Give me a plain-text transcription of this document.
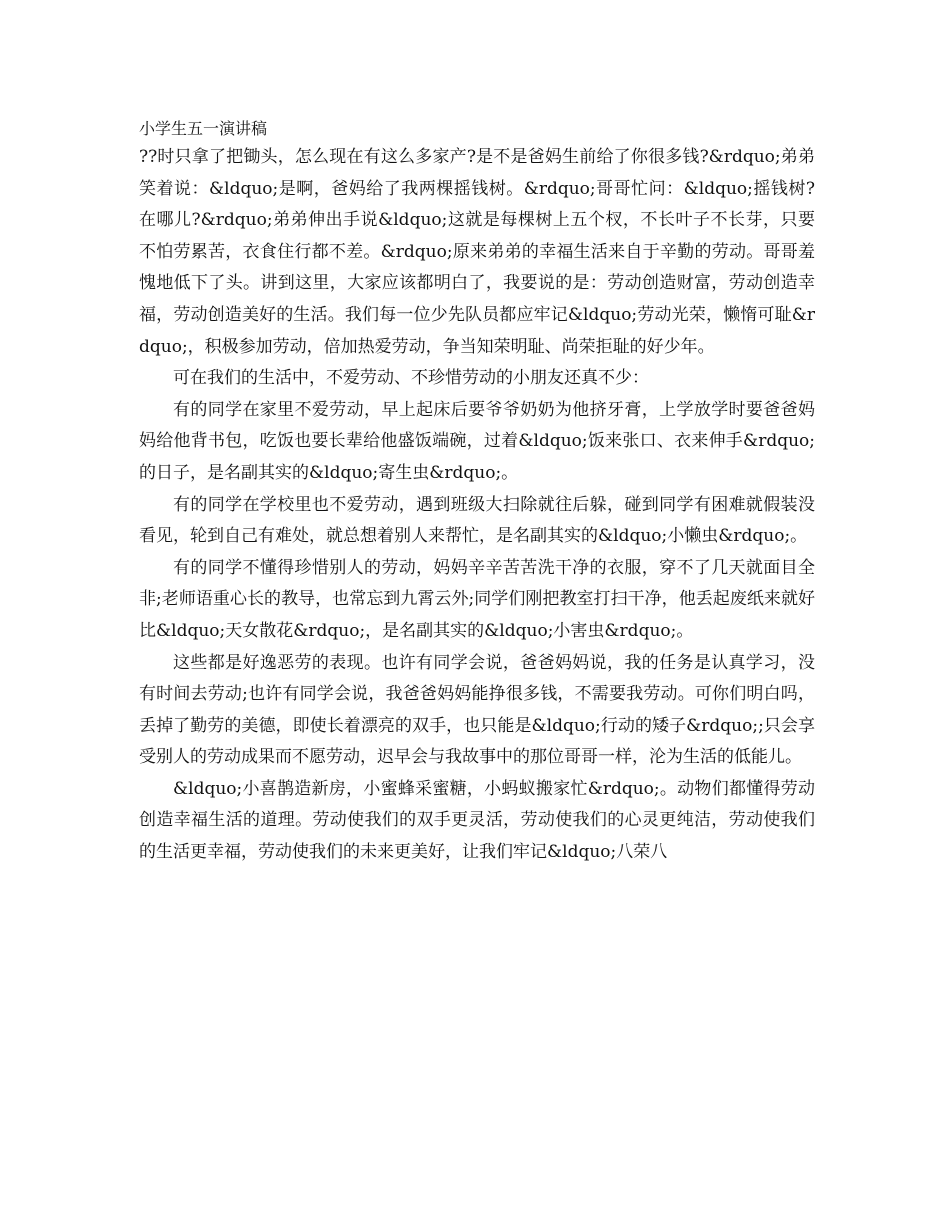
小学生五一演讲稿

??时只拿了把锄头，怎么现在有这么多家产?是不是爸妈生前给了你很多钱?&rdquo;弟弟笑着说：&ldquo;是啊，爸妈给了我两棵摇钱树。&rdquo;哥哥忙问：&ldquo;摇钱树?在哪儿?&rdquo;弟弟伸出手说&ldquo;这就是每棵树上五个杈，不长叶子不长芽，只要不怕劳累苦，衣食住行都不差。&rdquo;原来弟弟的幸福生活来自于辛勤的劳动。哥哥羞愧地低下了头。讲到这里，大家应该都明白了，我要说的是：劳动创造财富，劳动创造幸福，劳动创造美好的生活。我们每一位少先队员都应牢记&ldquo;劳动光荣，懒惰可耻&rdquo;，积极参加劳动，倍加热爱劳动，争当知荣明耻、尚荣拒耻的好少年。

可在我们的生活中，不爱劳动、不珍惜劳动的小朋友还真不少：

有的同学在家里不爱劳动，早上起床后要爷爷奶奶为他挤牙膏，上学放学时要爸爸妈妈给他背书包，吃饭也要长辈给他盛饭端碗，过着&ldquo;饭来张口、衣来伸手&rdquo;的日子，是名副其实的&ldquo;寄生虫&rdquo;。

有的同学在学校里也不爱劳动，遇到班级大扫除就往后躲，碰到同学有困难就假装没看见，轮到自己有难处，就总想着别人来帮忙，是名副其实的&ldquo;小懒虫&rdquo;。

有的同学不懂得珍惜别人的劳动，妈妈辛辛苦苦洗干净的衣服，穿不了几天就面目全非;老师语重心长的教导，也常忘到九霄云外;同学们刚把教室打扫干净，他丢起废纸来就好比&ldquo;天女散花&rdquo;，是名副其实的&ldquo;小害虫&rdquo;。

这些都是好逸恶劳的表现。也许有同学会说，爸爸妈妈说，我的任务是认真学习，没有时间去劳动;也许有同学会说，我爸爸妈妈能挣很多钱，不需要我劳动。可你们明白吗，丢掉了勤劳的美德，即使长着漂亮的双手，也只能是&ldquo;行动的矮子&rdquo;;只会享受别人的劳动成果而不愿劳动，迟早会与我故事中的那位哥哥一样，沦为生活的低能儿。

&ldquo;小喜鹊造新房，小蜜蜂采蜜糖，小蚂蚁搬家忙&rdquo;。动物们都懂得劳动创造幸福生活的道理。劳动使我们的双手更灵活，劳动使我们的心灵更纯洁，劳动使我们的生活更幸福，劳动使我们的未来更美好，让我们牢记&ldquo;八荣八
